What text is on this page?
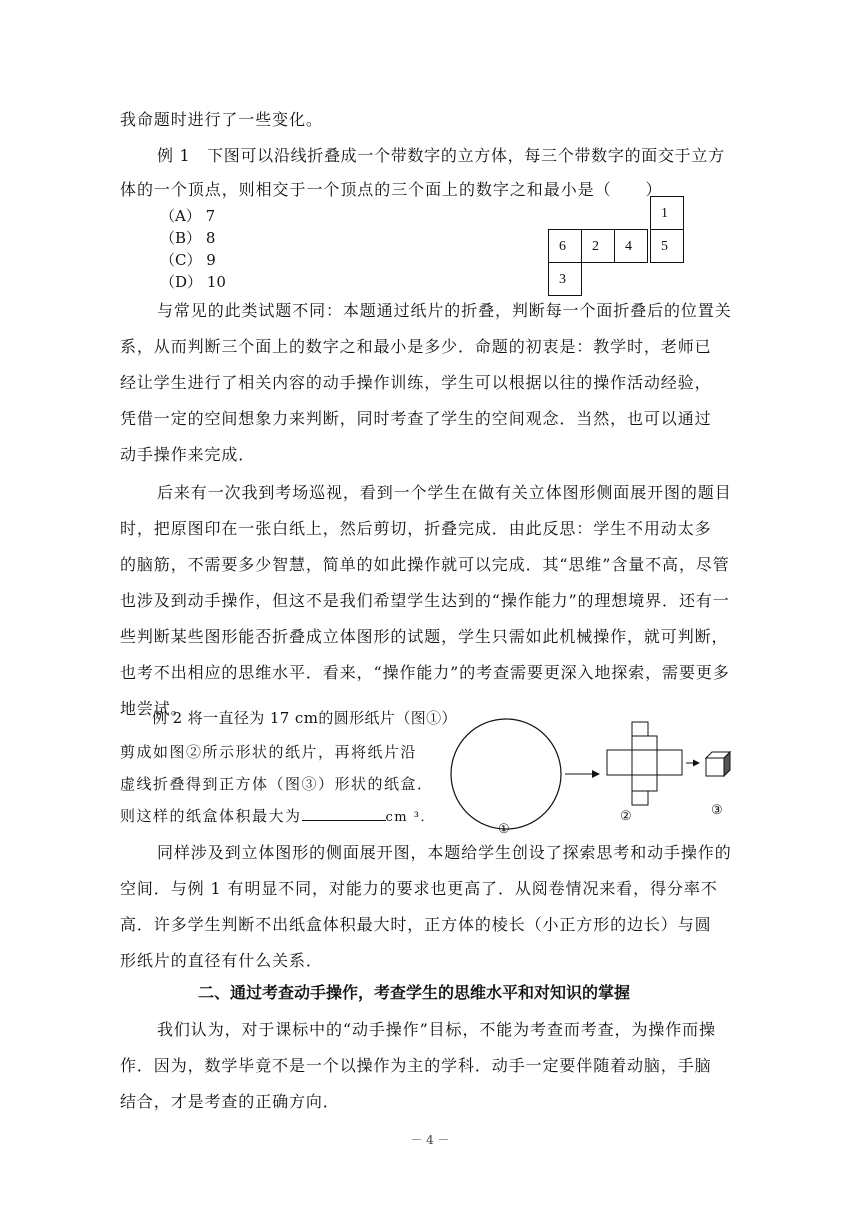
我命题时进行了一些变化。
例 1　下图可以沿线折叠成一个带数字的立方体，每三个带数字的面交于立方
体的一个顶点，则相交于一个顶点的三个面上的数字之和最小是（　　）
（A） 7
（B） 8
（C） 9
（D） 10
1
6 2 4 5
3
与常见的此类试题不同：本题通过纸片的折叠，判断每一个面折叠后的位置关
系，从而判断三个面上的数字之和最小是多少．命题的初衷是：教学时，老师已
经让学生进行了相关内容的动手操作训练，学生可以根据以往的操作活动经验，
凭借一定的空间想象力来判断，同时考查了学生的空间观念．当然，也可以通过
动手操作来完成．
后来有一次我到考场巡视，看到一个学生在做有关立体图形侧面展开图的题目
时，把原图印在一张白纸上，然后剪切，折叠完成．由此反思：学生不用动太多
的脑筋，不需要多少智慧，简单的如此操作就可以完成．其“思维”含量不高，尽管
也涉及到动手操作，但这不是我们希望学生达到的“操作能力”的理想境界．还有一
些判断某些图形能否折叠成立体图形的试题，学生只需如此机械操作，就可判断，
也考不出相应的思维水平．看来，“操作能力”的考查需要更深入地探索，需要更多
地尝试。
例 2 将一直径为 17 cm的圆形纸片（图①）
剪成如图②所示形状的纸片，再将纸片沿
虚线折叠得到正方体（图③）形状的纸盒．
则这样的纸盒体积最大为	cm ³．
①
②	③
同样涉及到立体图形的侧面展开图，本题给学生创设了探索思考和动手操作的
空间．与例 1 有明显不同，对能力的要求也更高了．从阅卷情况来看，得分率不
高．许多学生判断不出纸盒体积最大时，正方体的棱长（小正方形的边长）与圆
形纸片的直径有什么关系．
二、通过考查动手操作，考查学生的思维水平和对知识的掌握
我们认为，对于课标中的“动手操作”目标，不能为考查而考查，为操作而操
作．因为，数学毕竟不是一个以操作为主的学科．动手一定要伴随着动脑，手脑
结合，才是考查的正确方向．
－ 4 －
